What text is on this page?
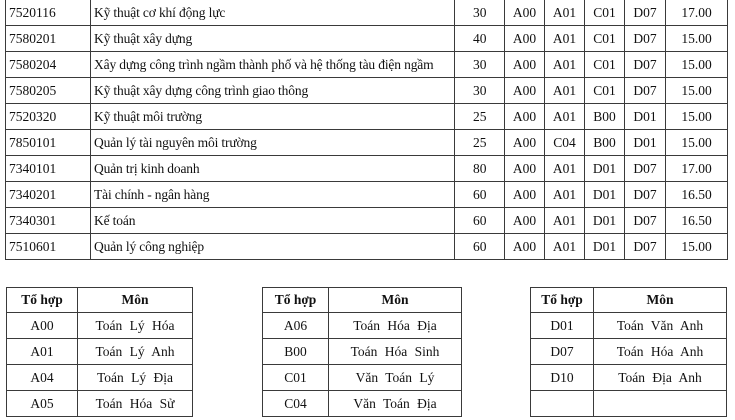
7520116	Kỹ thuật cơ khí động lực	30	A00	A01	C01	D07	17.00
7580201	Kỹ thuật xây dựng	40	A00	A01	C01	D07	15.00
7580204	Xây dựng công trình ngầm thành phố và hệ thống tàu điện ngầm	30	A00	A01	C01	D07	15.00
7580205	Kỹ thuật xây dựng công trình giao thông	30	A00	A01	C01	D07	15.00
7520320	Kỹ thuật môi trường	25	A00	A01	B00	D01	15.00
7850101	Quản lý tài nguyên môi trường	25	A00	C04	B00	D01	15.00
7340101	Quản trị kinh doanh	80	A00	A01	D01	D07	17.00
7340201	Tài chính - ngân hàng	60	A00	A01	D01	D07	16.50
7340301	Kế toán	60	A00	A01	D01	D07	16.50
7510601	Quản lý công nghiệp	60	A00	A01	D01	D07	15.00
Tổ hợp	Môn
A00	Toán Lý Hóa
A01	Toán Lý Anh
A04	Toán Lý Địa
A05	Toán Hóa Sử
Tổ hợp	Môn
A06	Toán Hóa Địa
B00	Toán Hóa Sinh
C01	Văn Toán Lý
C04	Văn Toán Địa
Tổ hợp	Môn
D01	Toán Văn Anh
D07	Toán Hóa Anh
D10	Toán Địa Anh
